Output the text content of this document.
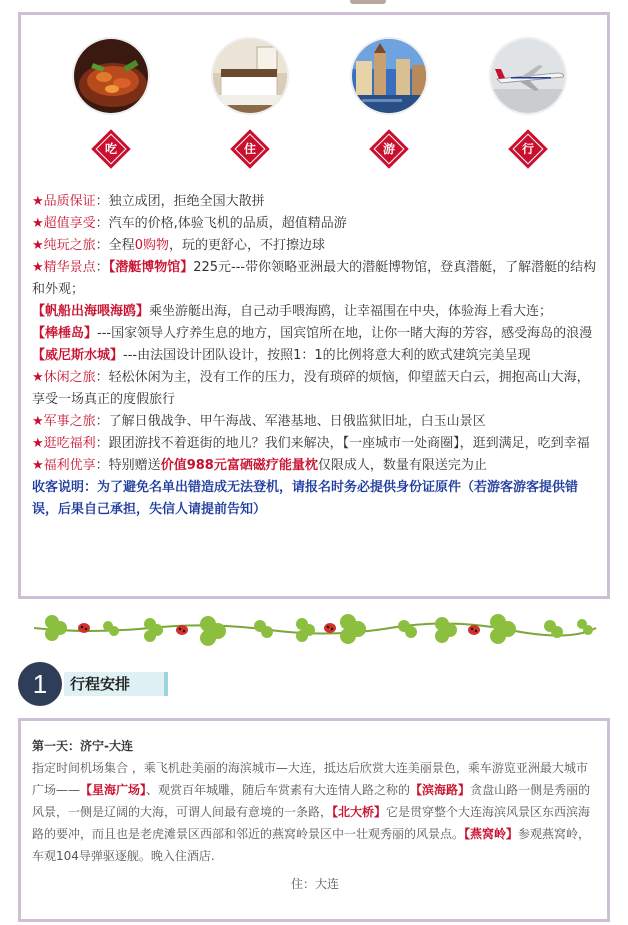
吃	住	游	行

★品质保证：独立成团，拒绝全国大散拼

★超值享受：汽车的价格,体验飞机的品质，超值精品游

★纯玩之旅：全程0购物，玩的更舒心，不打擦边球

★精华景点：【潜艇博物馆】225元---带你领略亚洲最大的潜艇博物馆，登真潜艇，了解潜艇的结构和外观；

【帆船出海喂海鸥】乘坐游艇出海，自己动手喂海鸥，让幸福围在中央，体验海上看大连；

【棒棰岛】---国家领导人疗养生息的地方，国宾馆所在地，让你一睹大海的芳容，感受海岛的浪漫

【威尼斯水城】---由法国设计团队设计，按照1：1的比例将意大利的欧式建筑完美呈现

★休闲之旅：轻松休闲为主，没有工作的压力，没有琐碎的烦恼，仰望蓝天白云，拥抱高山大海，享受一场真正的度假旅行

★军事之旅：了解日俄战争、甲午海战、军港基地、日俄监狱旧址，白玉山景区

★逛吃福利：跟团游找不着逛街的地儿？我们来解决，【一座城市一处商圈】，逛到满足，吃到幸福

★福利优享：特别赠送价值988元富硒磁疗能量枕仅限成人，数量有限送完为止

收客说明：为了避免名单出错造成无法登机，请报名时务必提供身份证原件（若游客游客提供错误，后果自己承担，失信人请提前告知）

1	行程安排
第一天：济宁-大连

指定时间机场集合 ，乘飞机赴美丽的海滨城市—大连，抵达后欣赏大连美丽景色，乘车游览亚洲最大城市广场——【星海广场】、观赏百年城雕，随后车赏素有大连情人路之称的【滨海路】贪盘山路一侧是秀丽的风景，一侧是辽阔的大海，可谓人间最有意境的一条路，【北大桥】它是贯穿整个大连海滨风景区东西滨海路的要冲，而且也是老虎滩景区西部和邻近的燕窝岭景区中一壮观秀丽的风景点。【燕窝岭】参观燕窝岭，车观104导弹驱逐舰。晚入住酒店.

住：大连
